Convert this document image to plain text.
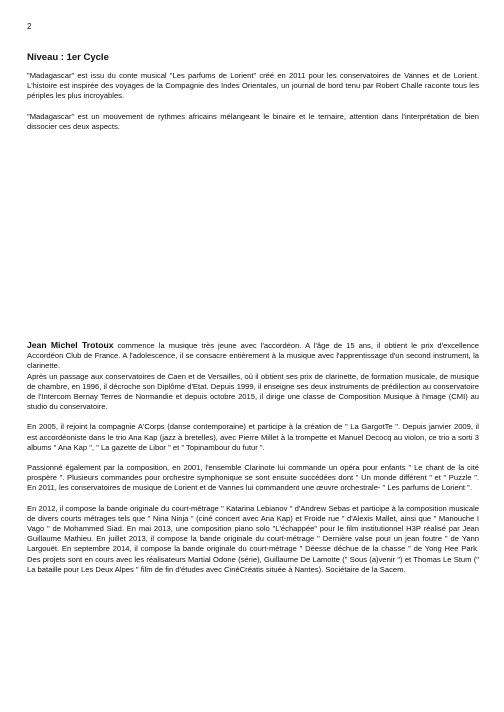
2
Niveau : 1er Cycle

"Madagascar" est issu du conte musical "Les parfums de Lorient" créé en 2011 pour les conservatoires de Vannes et de Lorient. L'histoire est inspirée des voyages de la Compagnie des Indes Orientales, un journal de bord tenu par Robert Challe raconte tous les périples les plus incroyables.

"Madagascar" est un mouvement de rythmes africains mélangeant le binaire et le ternaire, attention dans l'interprétation de bien dissocier ces deux aspects.

Jean Michel Trotoux commence la musique très jeune avec l'accordéon. A l'âge de 15 ans, il obtient le prix d'excellence Accordéon Club de France. A l'adolescence, il se consacre entièrement à la musique avec l'apprentissage d'un second instrument, la clarinette.
Après un passage aux conservatoires de Caen et de Versailles, où il obtient ses prix de clarinette, de formation musicale, de musique de chambre, en 1996, il décroche son Diplôme d'Etat. Depuis 1999, il enseigne ses deux instruments de prédilection au conservatoire de l'Intercom Bernay Terres de Normandie et depuis octobre 2015, il dirige une classe de Composition Musique à l'image (CMI) au studio du conservatoire.

En 2005, il rejoint la compagnie A'Corps (danse contemporaine) et participe à la création de " La GargotTe ". Depuis janvier 2009, il est accordéoniste dans le trio Ana Kap (jazz à bretelles), avec Pierre Millet à la trompette et Manuel Decocq au violon, ce trio a sorti 3 albums " Ana Kap ", " La gazette de Libor " et " Topinambour du futur ".

Passionné également par la composition, en 2001, l'ensemble Clarinote lui commande un opéra pour enfants " Le chant de la cité prospère ". Plusieurs commandes pour orchestre symphonique se sont ensuite succédées dont " Un monde différent " et " Puzzle ". En 2011, les conservatoires de musique de Lorient et de Vannes lui commandent une œuvre orchestrale- " Les parfums de Lorient ".

En 2012, il compose la bande originale du court-métrage " Katarina Lebianov " d'Andrew Sebas et participe à la composition musicale de divers courts métrages tels que " Nina Ninja " (ciné concert avec Ana Kap) et Froide rue " d'Alexis Mallet, ainsi que " Manouche I Vago " de Mohammed Siad. En mai 2013, une composition piano solo "L'échappée" pour le film institutionnel H3P réalisé par Jean Guillaume Mathieu. En juillet 2013, il compose la bande originale du court-métrage " Dernière valse pour un jean foutre " de Yann Largouët. En septembre 2014, il compose la bande originale du court-métrage " Déesse déchue de la chasse " de Yong Hee Park. Des projets sont en cours avec les réalisateurs Martial Odone (série), Guillaume De Lamotte (" Sous (a)venir ") et Thomas Le Stum (" La bataille pour Les Deux Alpes " film de fin d'études avec CinéCréatis située à Nantes). Sociétaire de la Sacem.
